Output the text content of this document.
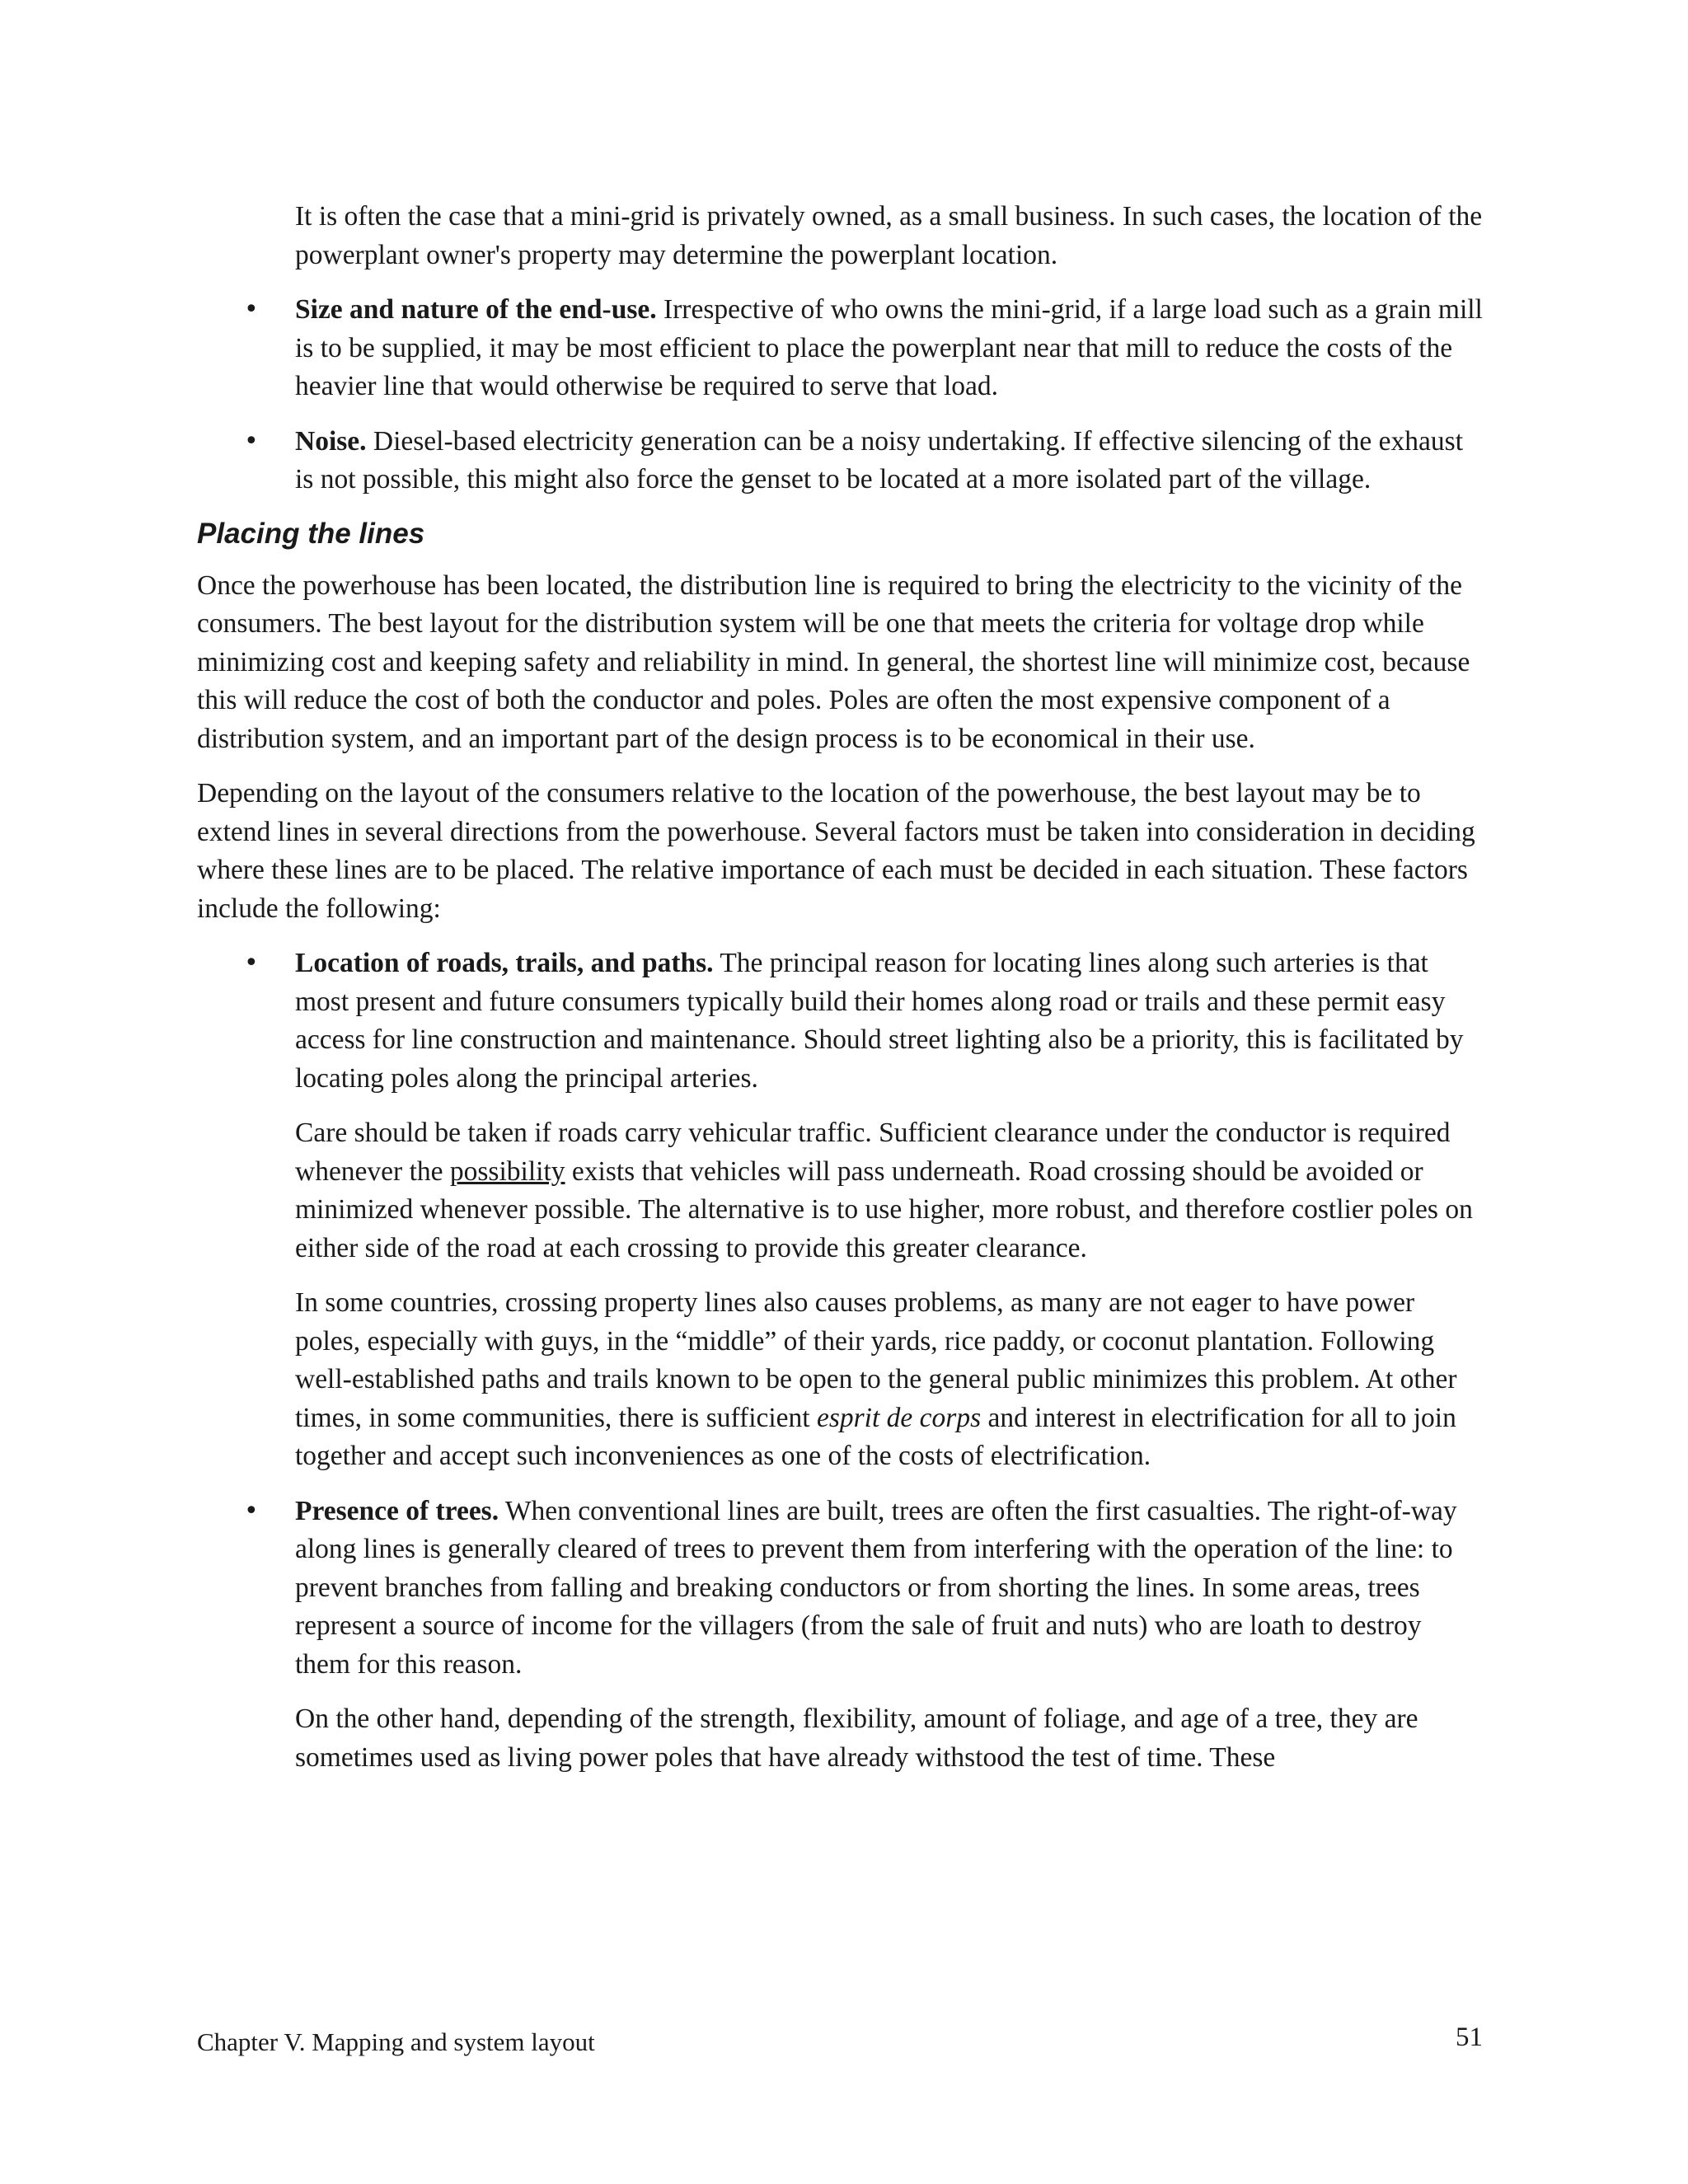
It is often the case that a mini-grid is privately owned, as a small business. In such cases, the location of the powerplant owner's property may determine the powerplant location.

• Size and nature of the end-use. Irrespective of who owns the mini-grid, if a large load such as a grain mill is to be supplied, it may be most efficient to place the powerplant near that mill to reduce the costs of the heavier line that would otherwise be required to serve that load.
• Noise. Diesel-based electricity generation can be a noisy undertaking. If effective silencing of the exhaust is not possible, this might also force the genset to be located at a more isolated part of the village.
Placing the lines

Once the powerhouse has been located, the distribution line is required to bring the electricity to the vicinity of the consumers. The best layout for the distribution system will be one that meets the criteria for voltage drop while minimizing cost and keeping safety and reliability in mind. In general, the shortest line will minimize cost, because this will reduce the cost of both the conductor and poles. Poles are often the most expensive component of a distribution system, and an important part of the design process is to be economical in their use.

Depending on the layout of the consumers relative to the location of the powerhouse, the best layout may be to extend lines in several directions from the powerhouse. Several factors must be taken into consideration in deciding where these lines are to be placed. The relative importance of each must be decided in each situation. These factors include the following:

• Location of roads, trails, and paths. The principal reason for locating lines along such arteries is that most present and future consumers typically build their homes along road or trails and these permit easy access for line construction and maintenance. Should street lighting also be a priority, this is facilitated by locating poles along the principal arteries.

Care should be taken if roads carry vehicular traffic. Sufficient clearance under the conductor is required whenever the possibility exists that vehicles will pass underneath. Road crossing should be avoided or minimized whenever possible. The alternative is to use higher, more robust, and therefore costlier poles on either side of the road at each crossing to provide this greater clearance.

In some countries, crossing property lines also causes problems, as many are not eager to have power poles, especially with guys, in the “middle” of their yards, rice paddy, or coconut plantation. Following well-established paths and trails known to be open to the general public minimizes this problem. At other times, in some communities, there is sufficient esprit de corps and interest in electrification for all to join together and accept such inconveniences as one of the costs of electrification.

• Presence of trees. When conventional lines are built, trees are often the first casualties. The right-of-way along lines is generally cleared of trees to prevent them from interfering with the operation of the line: to prevent branches from falling and breaking conductors or from shorting the lines. In some areas, trees represent a source of income for the villagers (from the sale of fruit and nuts) who are loath to destroy them for this reason.

On the other hand, depending of the strength, flexibility, amount of foliage, and age of a tree, they are sometimes used as living power poles that have already withstood the test of time. These

Chapter V. Mapping and system layout	51
